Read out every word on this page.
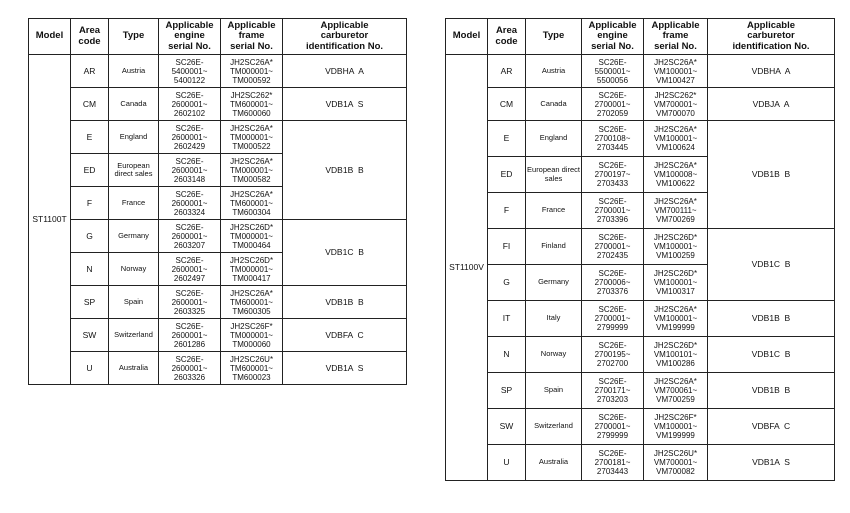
Model	Area
code	Type	Applicable
engine
serial No.	Applicable
frame
serial No.	Applicable
carburetor
identification No.
ST1100T	AR	Austria	SC26E-
5400001~
5400122	JH2SC26A*
TM000001~
TM000592	VDBHA  A
	CM	Canada	SC26E-
2600001~
2602102	JH2SC262*
TM600001~
TM600060	VDB1A  S
	E	England	SC26E-
2600001~
2602429	JH2SC26A*
TM000001~
TM000522	VDB1B  B
	ED	European direct sales	SC26E-
2600001~
2603148	JH2SC26A*
TM000001~
TM000582	
	F	France	SC26E-
2600001~
2603324	JH2SC26A*
TM600001~
TM600304	
	G	Germany	SC26E-
2600001~
2603207	JH2SC26D*
TM000001~
TM000464	VDB1C  B
	N	Norway	SC26E-
2600001~
2602497	JH2SC26D*
TM000001~
TM000417	
	SP	Spain	SC26E-
2600001~
2603325	JH2SC26A*
TM600001~
TM600305	VDB1B  B
	SW	Switzerland	SC26E-
2600001~
2601286	JH2SC26F*
TM000001~
TM000060	VDBFA  C
	U	Australia	SC26E-
2600001~
2603326	JH2SC26U*
TM600001~
TM600023	VDB1A  S
Model	Area
code	Type	Applicable
engine
serial No.	Applicable
frame
serial No.	Applicable
carburetor
identification No.
ST1100V	AR	Austria	SC26E-
5500001~
5500056	JH2SC26A*
VM100001~
VM100427	VDBHA  A
	CM	Canada	SC26E-
2700001~
2702059	JH2SC262*
VM700001~
VM700070	VDBJA  A
	E	England	SC26E-
2700108~
2703445	JH2SC26A*
VM100001~
VM100624	VDB1B  B
	ED	European direct sales	SC26E-
2700197~
2703433	JH2SC26A*
VM100008~
VM100622	
	F	France	SC26E-
2700001~
2703396	JH2SC26A*
VM700111~
VM700269	
	FI	Finland	SC26E-
2700001~
2702435	JH2SC26D*
VM100001~
VM100259	VDB1C  B
	G	Germany	SC26E-
2700006~
2703376	JH2SC26D*
VM100001~
VM100317	
	IT	Italy	SC26E-
2700001~
2799999	JH2SC26A*
VM100001~
VM199999	VDB1B  B
	N	Norway	SC26E-
2700195~
2702700	JH2SC26D*
VM100101~
VM100286	VDB1C  B
	SP	Spain	SC26E-
2700171~
2703203	JH2SC26A*
VM700061~
VM700259	VDB1B  B
	SW	Switzerland	SC26E-
2700001~
2799999	JH2SC26F*
VM100001~
VM199999	VDBFA  C
	U	Australia	SC26E-
2700181~
2703443	JH2SC26U*
VM700001~
VM700082	VDB1A  S
